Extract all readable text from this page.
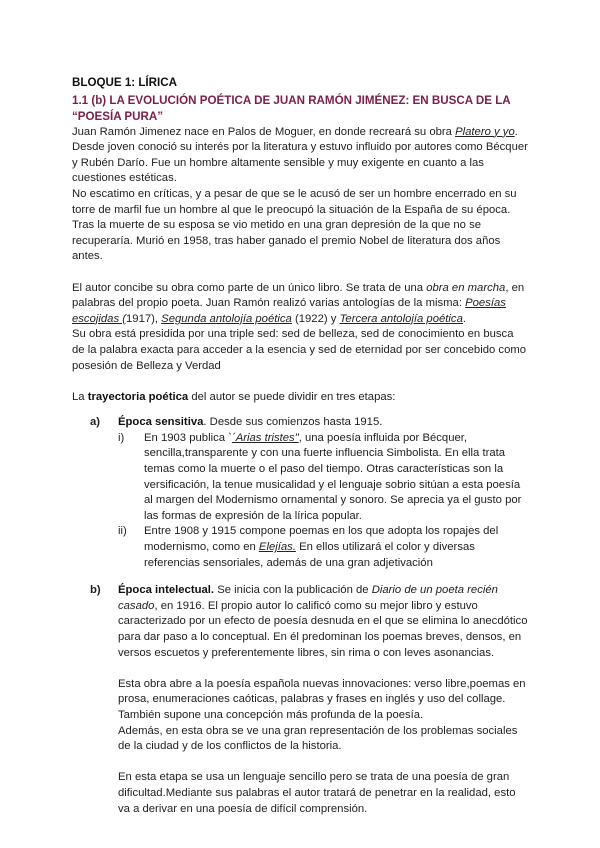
BLOQUE 1: LÍRICA
1.1 (b) LA EVOLUCIÓN POÉTICA DE JUAN RAMÓN JIMÉNEZ: EN BUSCA DE LA “POESÍA PURA”

Juan Ramón Jimenez nace en Palos de Moguer, en donde recreará su obra Platero y yo. Desde joven conoció su interés por la literatura y estuvo influido por autores como Bécquer y Rubén Darío. Fue un hombre altamente sensible y muy exigente en cuanto a las cuestiones estéticas.

No escatimo en críticas, y a pesar de que se le acusó de ser un hombre encerrado en su torre de marfil fue un hombre al que le preocupó la situación de la España de su época.

Tras la muerte de su esposa se vio metido en una gran depresión de la que no se recuperaría. Murió en 1958, tras haber ganado el premio Nobel de literatura dos años antes.

El autor concibe su obra como parte de un único libro. Se trata de una obra en marcha, en palabras del propio poeta. Juan Ramón realizó varias antologías de la misma: Poesías escojidas (1917), Segunda antolojía poética (1922) y Tercera antolojía poética.

Su obra está presidida por una triple sed: sed de belleza, sed de conocimiento en busca de la palabra exacta para acceder a la esencia y sed de eternidad por ser concebido como posesión de Belleza y Verdad

La trayectoria poética del autor se puede dividir en tres etapas:

a) Época sensitiva. Desde sus comienzos hasta 1915.

i) En 1903 publica `´Arias tristes", una poesía influida por Bécquer, sencilla,transparente y con una fuerte influencia Simbolista. En ella trata temas como la muerte o el paso del tiempo. Otras características son la versificación, la tenue musicalidad y el lenguaje sobrio sitúan a esta poesía al margen del Modernismo ornamental y sonoro. Se aprecia ya el gusto por las formas de expresión de la lírica popular.

ii) Entre 1908 y 1915 compone poemas en los que adopta los ropajes del modernismo, como en Elejías. En ellos utilizará el color y diversas referencias sensoriales, además de una gran adjetivación

b) Época intelectual. Se inicia con la publicación de Diario de un poeta recién casado, en 1916. El propio autor lo calificó como su mejor libro y estuvo caracterizado por un efecto de poesía desnuda en el que se elimina lo anecdótico para dar paso a lo conceptual. En él predominan los poemas breves, densos, en versos escuetos y preferentemente libres, sin rima o con leves asonancias.

Esta obra abre a la poesía española nuevas innovaciones: verso libre,poemas en prosa, enumeraciones caóticas, palabras y frases en inglés y uso del collage.

También supone una concepción más profunda de la poesía.

Además, en esta obra se ve una gran representación de los problemas sociales de la ciudad y de los conflictos de la historia.

En esta etapa se usa un lenguaje sencillo pero se trata de una poesía de gran dificultad.Mediante sus palabras el autor tratará de penetrar en la realidad, esto va a derivar en una poesía de difícil comprensión.
